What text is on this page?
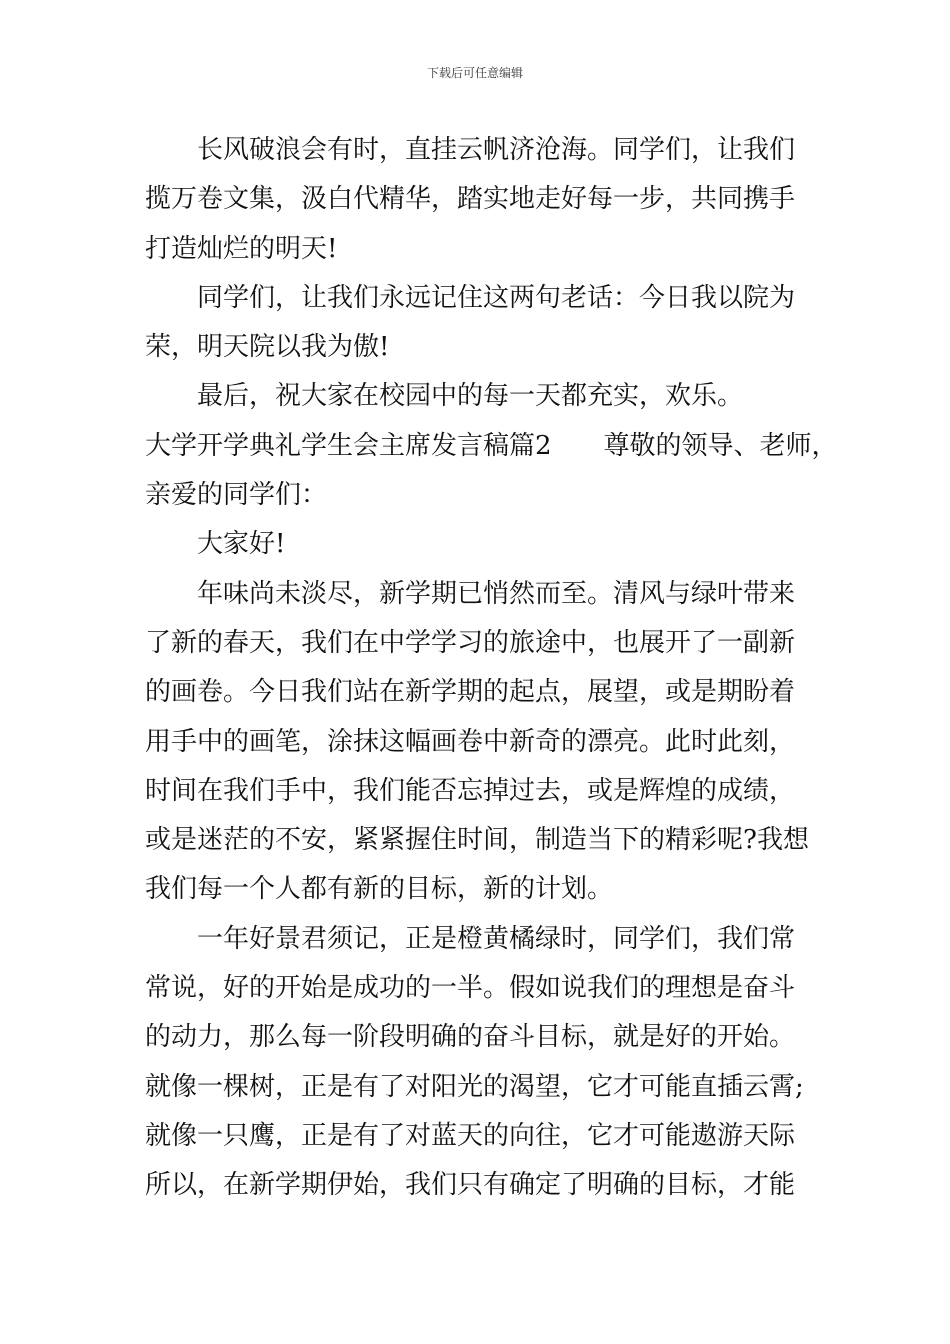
下载后可任意编辑
长风破浪会有时，直挂云帆济沧海。同学们，让我们
揽万卷文集，汲白代精华，踏实地走好每一步，共同携手
打造灿烂的明天!
同学们，让我们永远记住这两句老话：今日我以院为
荣，明天院以我为傲!
最后，祝大家在校园中的每一天都充实，欢乐。
大学开学典礼学生会主席发言稿篇2 尊敬的领导、老师，
亲爱的同学们：
大家好!
年味尚未淡尽，新学期已悄然而至。清风与绿叶带来
了新的春天，我们在中学学习的旅途中，也展开了一副新
的画卷。今日我们站在新学期的起点，展望，或是期盼着
用手中的画笔，涂抹这幅画卷中新奇的漂亮。此时此刻，
时间在我们手中，我们能否忘掉过去，或是辉煌的成绩，
或是迷茫的不安，紧紧握住时间，制造当下的精彩呢?我想
我们每一个人都有新的目标，新的计划。
一年好景君须记，正是橙黄橘绿时，同学们，我们常
常说，好的开始是成功的一半。假如说我们的理想是奋斗
的动力，那么每一阶段明确的奋斗目标，就是好的开始。
就像一棵树，正是有了对阳光的渴望，它才可能直插云霄;
就像一只鹰，正是有了对蓝天的向往，它才可能遨游天际
所以，在新学期伊始，我们只有确定了明确的目标，才能
